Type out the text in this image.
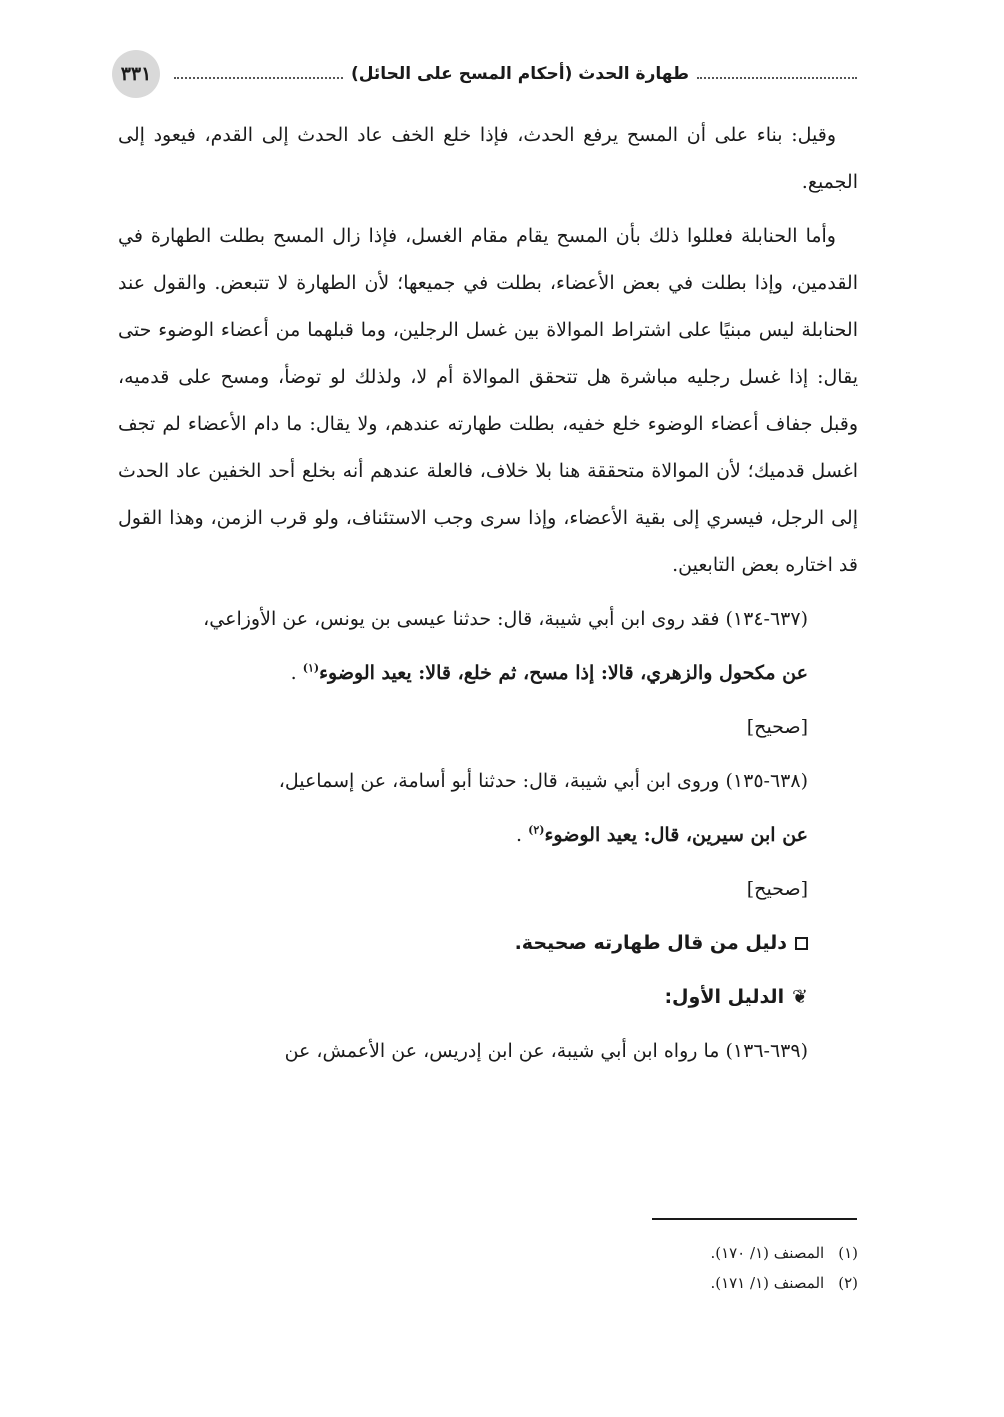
٣٣١	طهارة الحدث (أحكام المسح على الحائل)

وقيل: بناء على أن المسح يرفع الحدث، فإذا خلع الخف عاد الحدث إلى القدم، فيعود إلى الجميع.

وأما الحنابلة فعللوا ذلك بأن المسح يقام مقام الغسل، فإذا زال المسح بطلت الطهارة في القدمين، وإذا بطلت في بعض الأعضاء، بطلت في جميعها؛ لأن الطهارة لا تتبعض. والقول عند الحنابلة ليس مبنيًا على اشتراط الموالاة بين غسل الرجلين، وما قبلهما من أعضاء الوضوء حتى يقال: إذا غسل رجليه مباشرة هل تتحقق الموالاة أم لا، ولذلك لو توضأ، ومسح على قدميه، وقبل جفاف أعضاء الوضوء خلع خفيه، بطلت طهارته عندهم، ولا يقال: ما دام الأعضاء لم تجف اغسل قدميك؛ لأن الموالاة متحققة هنا بلا خلاف، فالعلة عندهم أنه بخلع أحد الخفين عاد الحدث إلى الرجل، فيسري إلى بقية الأعضاء، وإذا سرى وجب الاستئناف، ولو قرب الزمن، وهذا القول قد اختاره بعض التابعين.

(٦٣٧-١٣٤) فقد روى ابن أبي شيبة، قال: حدثنا عيسى بن يونس، عن الأوزاعي،

عن مكحول والزهري، قالا: إذا مسح، ثم خلع، قالا: يعيد الوضوء$^{(١)}$ .

[صحيح]

(٦٣٨-١٣٥) وروى ابن أبي شيبة، قال: حدثنا أبو أسامة، عن إسماعيل،

عن ابن سيرين، قال: يعيد الوضوء$^{(٢)}$ .

[صحيح]

دليل من قال طهارته صحيحة.

❦الدليل الأول:

(٦٣٩-١٣٦) ما رواه ابن أبي شيبة، عن ابن إدريس، عن الأعمش، عن

(١)
المصنف (١/ ١٧٠).
(٢)
المصنف (١/ ١٧١).
